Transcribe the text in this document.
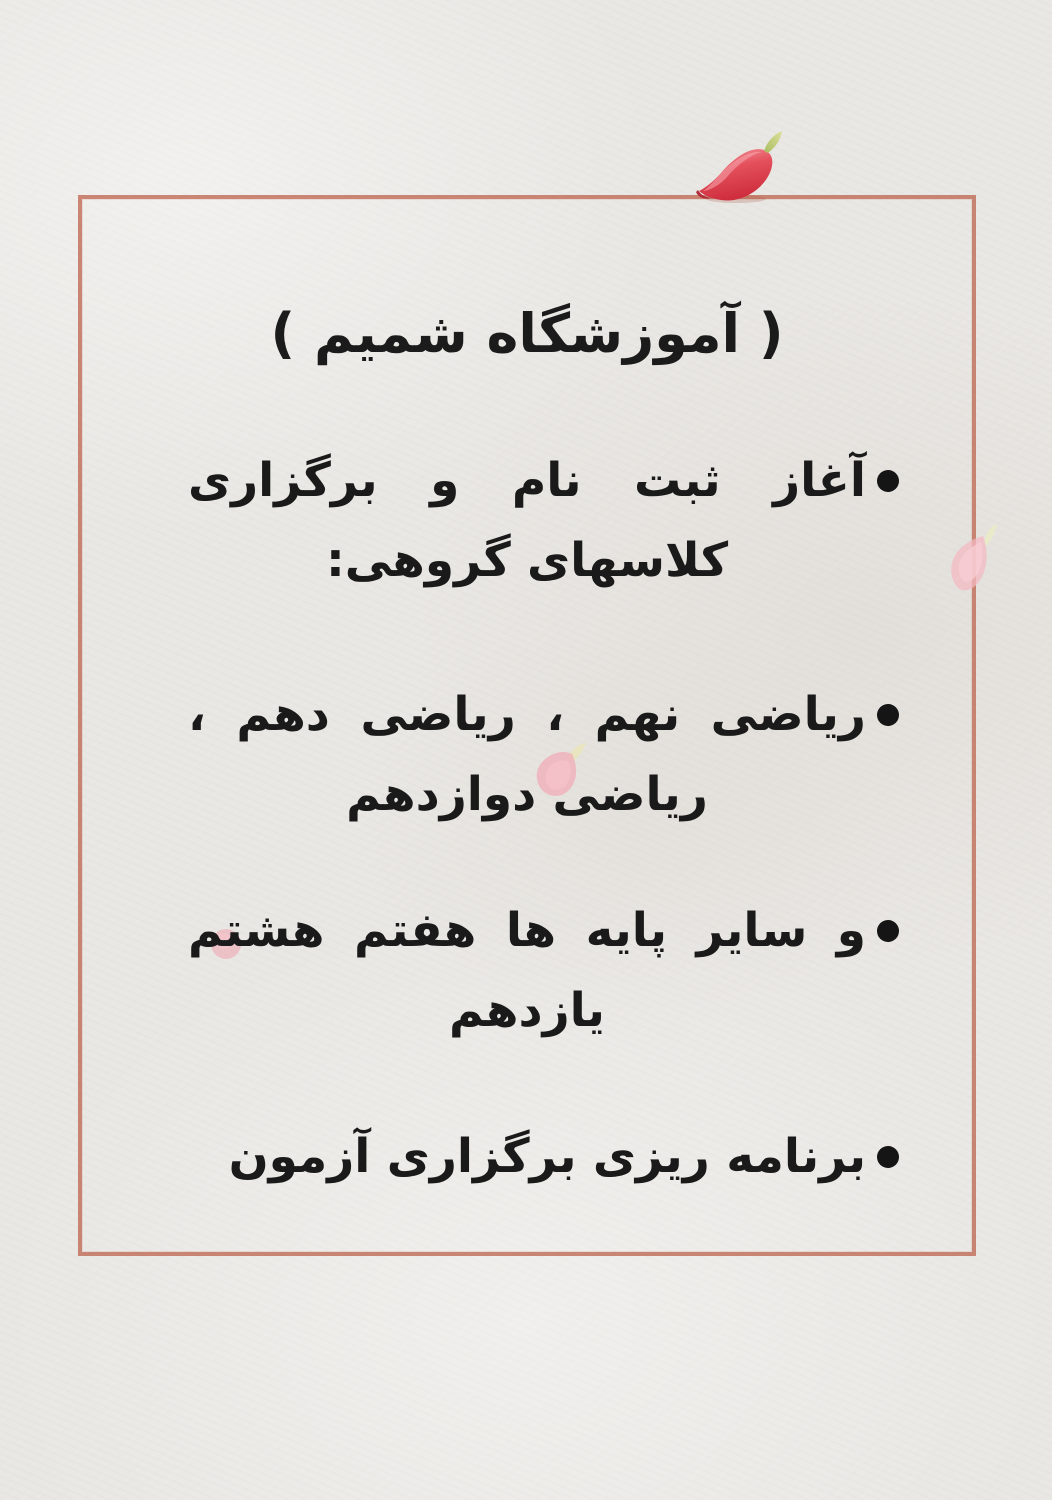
( آموزشگاه شمیم )
آغاز ثبت نام و برگزاری
کلاسهای گروهی:
ریاضی نهم ، ریاضی دهم ،
ریاضی دوازدهم
و سایر پایه ها هفتم هشتم
یازدهم
برنامه ریزی برگزاری آزمون
